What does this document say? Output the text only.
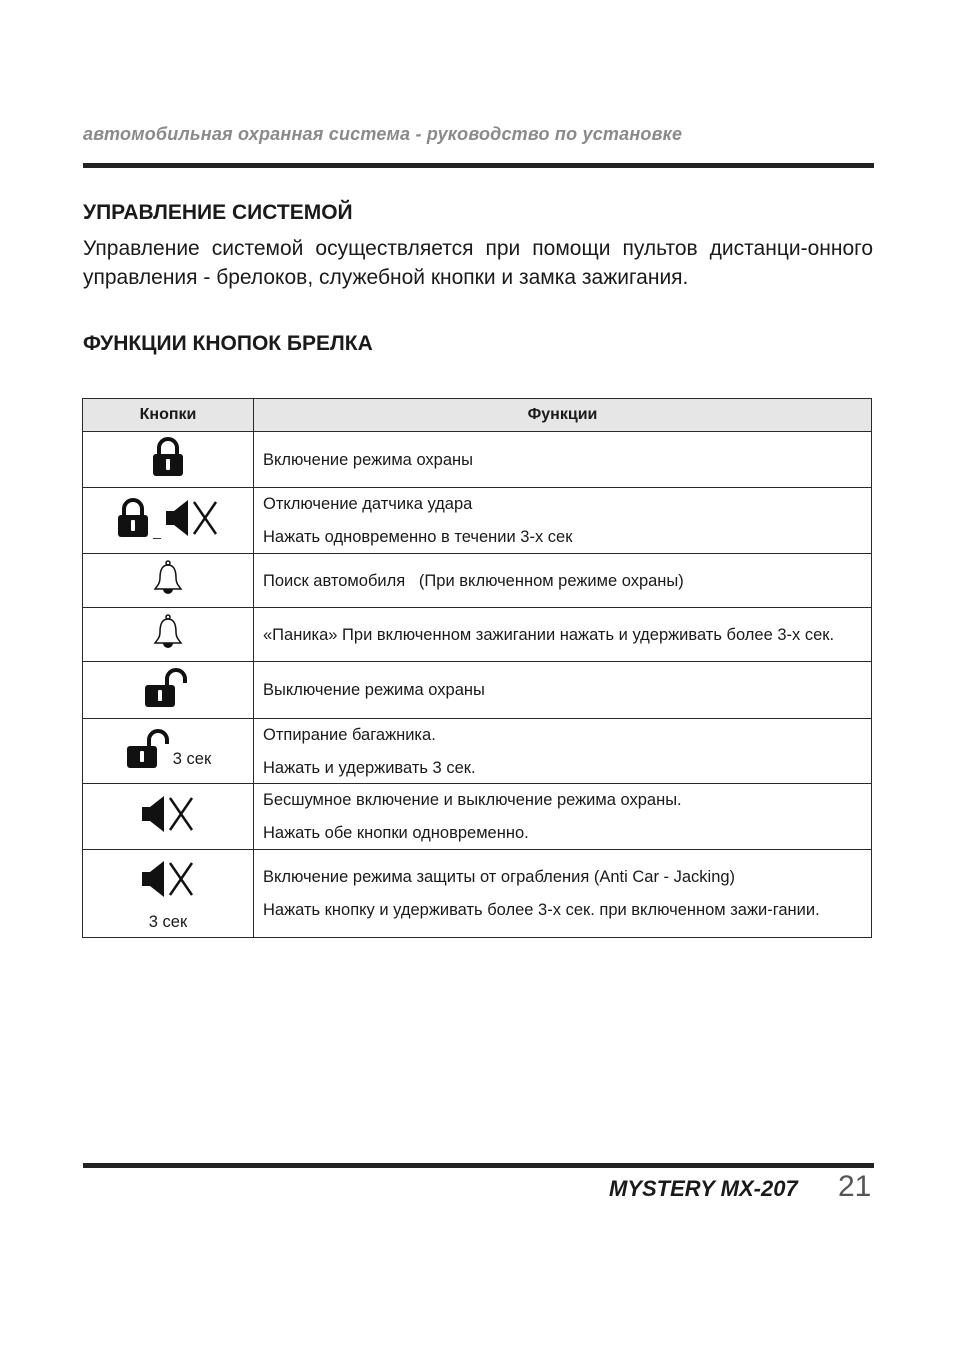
автомобильная охранная система - руководство по установке
УПРАВЛЕНИЕ СИСТЕМОЙ
Управление системой осуществляется при помощи пультов дистанци-онного управления - брелоков, служебной кнопки и замка зажигания.
ФУНКЦИИ КНОПОК БРЕЛКА
Кнопки	Функции

Включение режима охраны

_	Отключение датчика удара
Нажать одновременно в течении 3-х сек

Поиск автомобиля   (При включенном режиме охраны)

«Паника» При включенном зажигании нажать и удерживать более 3-х сек.

Выключение режима охраны

3 сек	Отпирание багажника.
Нажать и удерживать 3 сек.

Бесшумное включение и выключение режима охраны.
Нажать обе кнопки одновременно.

3 сек	Включение режима защиты от ограбления (Anti Car - Jacking)
Нажать кнопку и удерживать более 3-х сек. при включенном зажи-гании.
MYSTERY MX-207 21
